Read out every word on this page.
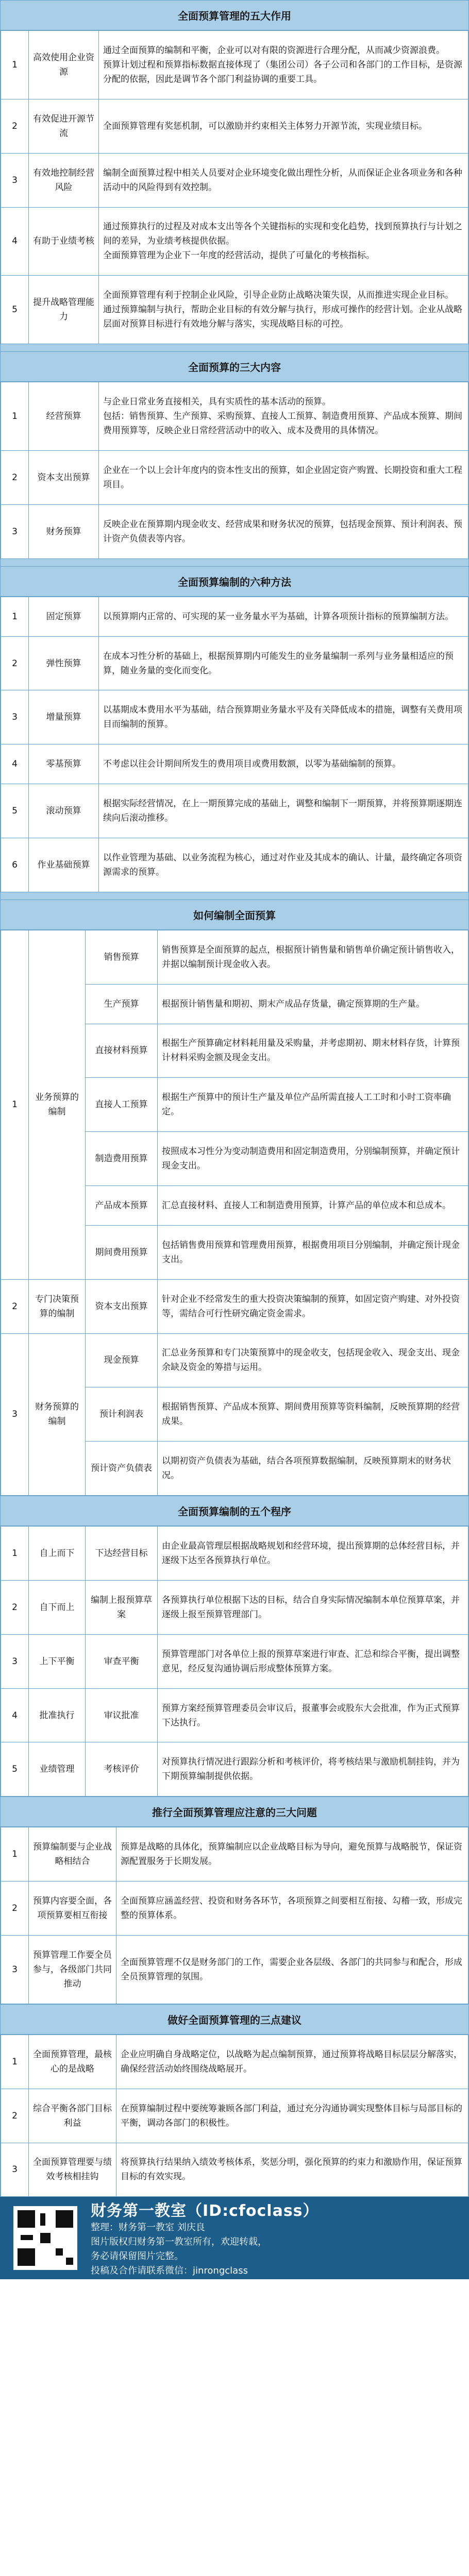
全面预算管理的五大作用
1	高效使用企业资源	通过全面预算的编制和平衡，企业可以对有限的资源进行合理分配，从而减少资源浪费。
预算计划过程和预算指标数据直接体现了（集团公司）各子公司和各部门的工作目标，是资源分配的依据，因此是调节各个部门利益协调的重要工具。
2	有效促进开源节流	全面预算管理有奖惩机制，可以激励并约束相关主体努力开源节流，实现业绩目标。
3	有效地控制经营风险	编制全面预算过程中相关人员要对企业环境变化做出理性分析，从而保证企业各项业务和各种活动中的风险得到有效控制。
4	有助于业绩考核	通过预算执行的过程及对成本支出等各个关键指标的实现和变化趋势，找到预算执行与计划之间的差异，为业绩考核提供依据。
全面预算管理为企业下一年度的经营活动，提供了可量化的考核指标。
5	提升战略管理能力	全面预算管理有利于控制企业风险，引导企业防止战略决策失误，从而推进实现企业目标。
通过预算编制与执行，帮助企业目标的有效分解与执行，形成可操作的经营计划。企业从战略层面对预算目标进行有效地分解与落实，实现战略目标的可控。
全面预算的三大内容
1	经营预算	与企业日常业务直接相关，具有实质性的基本活动的预算。
包括：销售预算、生产预算、采购预算、直接人工预算、制造费用预算、产品成本预算、期间费用预算等，反映企业日常经营活动中的收入、成本及费用的具体情况。
2	资本支出预算	企业在一个以上会计年度内的资本性支出的预算，如企业固定资产购置、长期投资和重大工程项目。
3	财务预算	反映企业在预算期内现金收支、经营成果和财务状况的预算，包括现金预算、预计利润表、预计资产负债表等内容。
全面预算编制的六种方法
1	固定预算	以预算期内正常的、可实现的某一业务量水平为基础，计算各项预计指标的预算编制方法。
2	弹性预算	在成本习性分析的基础上，根据预算期内可能发生的业务量编制一系列与业务量相适应的预算，随业务量的变化而变化。
3	增量预算	以基期成本费用水平为基础，结合预算期业务量水平及有关降低成本的措施，调整有关费用项目而编制的预算。
4	零基预算	不考虑以往会计期间所发生的费用项目或费用数额，以零为基础编制的预算。
5	滚动预算	根据实际经营情况，在上一期预算完成的基础上，调整和编制下一期预算，并将预算期逐期连续向后滚动推移。
6	作业基础预算	以作业管理为基础、以业务流程为核心，通过对作业及其成本的确认、计量，最终确定各项资源需求的预算。
如何编制全面预算
1	业务预算的编制	销售预算	销售预算是全面预算的起点，根据预计销售量和销售单价确定预计销售收入，并据以编制预计现金收入表。
		生产预算	根据预计销售量和期初、期末产成品存货量，确定预算期的生产量。
		直接材料预算	根据生产预算确定材料耗用量及采购量，并考虑期初、期末材料存货，计算预计材料采购金额及现金支出。
		直接人工预算	根据生产预算中的预计生产量及单位产品所需直接人工工时和小时工资率确定。
		制造费用预算	按照成本习性分为变动制造费用和固定制造费用，分别编制预算，并确定预计现金支出。
		产品成本预算	汇总直接材料、直接人工和制造费用预算，计算产品的单位成本和总成本。
		期间费用预算	包括销售费用预算和管理费用预算，根据费用项目分别编制，并确定预计现金支出。
2	专门决策预算的编制	资本支出预算	针对企业不经常发生的重大投资决策编制的预算，如固定资产购建、对外投资等，需结合可行性研究确定资金需求。
3	财务预算的编制	现金预算	汇总业务预算和专门决策预算中的现金收支，包括现金收入、现金支出、现金余缺及资金的筹措与运用。
		预计利润表	根据销售预算、产品成本预算、期间费用预算等资料编制，反映预算期的经营成果。
		预计资产负债表	以期初资产负债表为基础，结合各项预算数据编制，反映预算期末的财务状况。
全面预算编制的五个程序
1	自上而下	下达经营目标	由企业最高管理层根据战略规划和经营环境，提出预算期的总体经营目标，并逐级下达至各预算执行单位。
2	自下而上	编制上报预算草案	各预算执行单位根据下达的目标，结合自身实际情况编制本单位预算草案，并逐级上报至预算管理部门。
3	上下平衡	审查平衡	预算管理部门对各单位上报的预算草案进行审查、汇总和综合平衡，提出调整意见，经反复沟通协调后形成整体预算方案。
4	批准执行	审议批准	预算方案经预算管理委员会审议后，报董事会或股东大会批准，作为正式预算下达执行。
5	业绩管理	考核评价	对预算执行情况进行跟踪分析和考核评价，将考核结果与激励机制挂钩，并为下期预算编制提供依据。
推行全面预算管理应注意的三大问题
1	预算编制要与企业战略相结合	预算是战略的具体化，预算编制应以企业战略目标为导向，避免预算与战略脱节，保证资源配置服务于长期发展。
2	预算内容要全面，各项预算要相互衔接	全面预算应涵盖经营、投资和财务各环节，各项预算之间要相互衔接、勾稽一致，形成完整的预算体系。
3	预算管理工作要全员参与，各级部门共同推动	全面预算管理不仅是财务部门的工作，需要企业各层级、各部门的共同参与和配合，形成全员预算管理的氛围。
做好全面预算管理的三点建议
1	全面预算管理，最核心的是战略	企业应明确自身战略定位，以战略为起点编制预算，通过预算将战略目标层层分解落实，确保经营活动始终围绕战略展开。
2	综合平衡各部门目标利益	在预算编制过程中要统筹兼顾各部门利益，通过充分沟通协调实现整体目标与局部目标的平衡，调动各部门的积极性。
3	全面预算管理要与绩效考核相挂钩	将预算执行结果纳入绩效考核体系，奖惩分明，强化预算的约束力和激励作用，保证预算目标的有效实现。
财务第一教室（ID:cfoclass）
整理：财务第一教室 刘庆良
图片版权归财务第一教室所有，欢迎转载，
务必请保留图片完整。
投稿及合作请联系微信：jinrongclass
